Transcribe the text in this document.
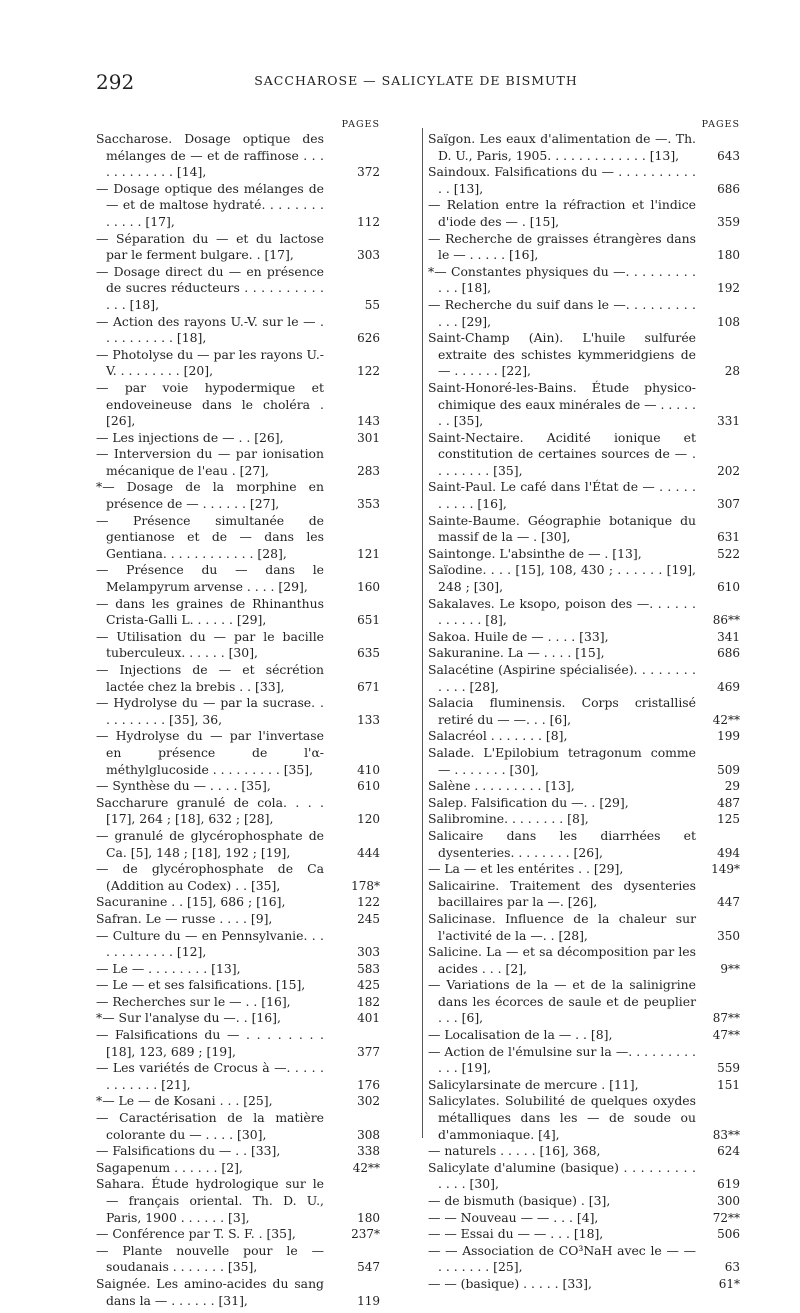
292	SACCHAROSE — SALICYLATE DE BISMUTH
PAGES
Saccharose. Dosage optique des mélanges de — et de raffinose . . . . . . . . . . . . [14],	372
— Dosage optique des mélanges de — et de maltose hydraté. . . . . . . . . . . . . [17],	112
— Séparation du — et du lactose par le ferment bulgare. . [17],	303
— Dosage direct du — en présence de sucres réducteurs . . . . . . . . . . . . . [18],	55
— Action des rayons U.-V. sur le — . . . . . . . . . . [18],	626
— Photolyse du — par les rayons U.-V. . . . . . . . . [20],	122
— par voie hypodermique et endoveineuse dans le choléra . [26],	143
— Les injections de — . . [26],	301
— Interversion du — par ionisation mécanique de l'eau . [27],	283
*— Dosage de la morphine en présence de — . . . . . . [27],	353
— Présence simultanée de gentianose et de — dans les Gentiana. . . . . . . . . . . . [28],	121
— Présence du — dans le Melampyrum arvense . . . . [29],	160
— dans les graines de Rhinanthus Crista-Galli L. . . . . . [29],	651
— Utilisation du — par le bacille tuberculeux. . . . . . [30],	635
— Injections de — et sécrétion lactée chez la brebis . . [33],	671
— Hydrolyse du — par la sucrase. . . . . . . . . . [35], 36,	133
— Hydrolyse du — par l'invertase en présence de l'α-méthylglucoside . . . . . . . . . [35],	410
— Synthèse du — . . . . [35],	610
Saccharure granulé de cola. . . . [17], 264 ; [18], 632 ; [28],	120
— granulé de glycérophosphate de Ca. [5], 148 ; [18], 192 ; [19],	444
— de glycérophosphate de Ca (Addition au Codex) . . [35],	178*
Sacuranine . . [15], 686 ; [16],	122
Safran. Le — russe . . . . [9],	245
— Culture du — en Pennsylvanie. . . . . . . . . . . . [12],	303
— Le — . . . . . . . . [13],	583
— Le — et ses falsifications. [15],	425
— Recherches sur le — . . [16],	182
*— Sur l'analyse du —. . [16],	401
— Falsifications du — . . . . . . . . [18], 123, 689 ; [19],	377
— Les variétés de Crocus à —. . . . . . . . . . . . [21],	176
*— Le — de Kosani . . . [25],	302
— Caractérisation de la matière colorante du — . . . . [30],	308
— Falsifications du — . . [33],	338
Sagapenum . . . . . . [2],	42**
Sahara. Étude hydrologique sur le — français oriental. Th. D. U., Paris, 1900 . . . . . . [3],	180
— Conférence par T. S. F. . [35],	237*
— Plante nouvelle pour le — soudanais . . . . . . . [35],	547
Saignée. Les amino-acides du sang dans la — . . . . . . [31],	119
PAGES
Saïgon. Les eaux d'alimentation de —. Th. D. U., Paris, 1905. . . . . . . . . . . . . [13],	643
Saindoux. Falsifications du — . . . . . . . . . . . . [13],	686
— Relation entre la réfraction et l'indice d'iode des — . [15],	359
— Recherche de graisses étrangères dans le — . . . . . [16],	180
*— Constantes physiques du —. . . . . . . . . . . . [18],	192
— Recherche du suif dans le —. . . . . . . . . . . . [29],	108
Saint-Champ (Ain). L'huile sulfurée extraite des schistes kymmeridgiens de — . . . . . . [22],	28
Saint-Honoré-les-Bains. Étude physico-chimique des eaux minérales de — . . . . . . . [35],	331
Saint-Nectaire. Acidité ionique et constitution de certaines sources de — . . . . . . . . [35],	202
Saint-Paul. Le café dans l'État de — . . . . . . . . . . [16],	307
Sainte-Baume. Géographie botanique du massif de la — . [30],	631
Saintonge. L'absinthe de — . [13],	522
Saïodine. . . . [15], 108, 430 ; . . . . . . [19], 248 ; [30],	610
Sakalaves. Le ksopo, poison des —. . . . . . . . . . . . [8],	86**
Sakoa. Huile de — . . . . [33],	341
Sakuranine. La — . . . . [15],	686
Salacétine (Aspirine spécialisée). . . . . . . . . . . . [28],	469
Salacia fluminensis. Corps cristallisé retiré du — —. . . [6],	42**
Salacréol . . . . . . . [8],	199
Salade. L'Epilobium tetragonum comme — . . . . . . . [30],	509
Salène . . . . . . . . . [13],	29
Salep. Falsification du —. . [29],	487
Salibromine. . . . . . . . [8],	125
Salicaire dans les diarrhées et dysenteries. . . . . . . . [26],	494
— La — et les entérites . . [29],	149*
Salicairine. Traitement des dysenteries bacillaires par la —. [26],	447
Salicinase. Influence de la chaleur sur l'activité de la —. . [28],	350
Salicine. La — et sa décomposition par les acides . . . [2],	9**
— Variations de la — et de la salinigrine dans les écorces de saule et de peuplier . . . [6],	87**
— Localisation de la — . . [8],	47**
— Action de l'émulsine sur la —. . . . . . . . . . . . [19],	559
Salicylarsinate de mercure . [11],	151
Salicylates. Solubilité de quelques oxydes métalliques dans les — de soude ou d'ammoniaque. [4],	83**
— naturels . . . . . [16], 368,	624
Salicylate d'alumine (basique) . . . . . . . . . . . . . [30],	619
— de bismuth (basique) . [3],	300
— — Nouveau — — . . . [4],	72**
— — Essai du — — . . . [18],	506
— — Association de CO³NaH avec le — — . . . . . . . [25],	63
— — (basique) . . . . . [33],	61*
